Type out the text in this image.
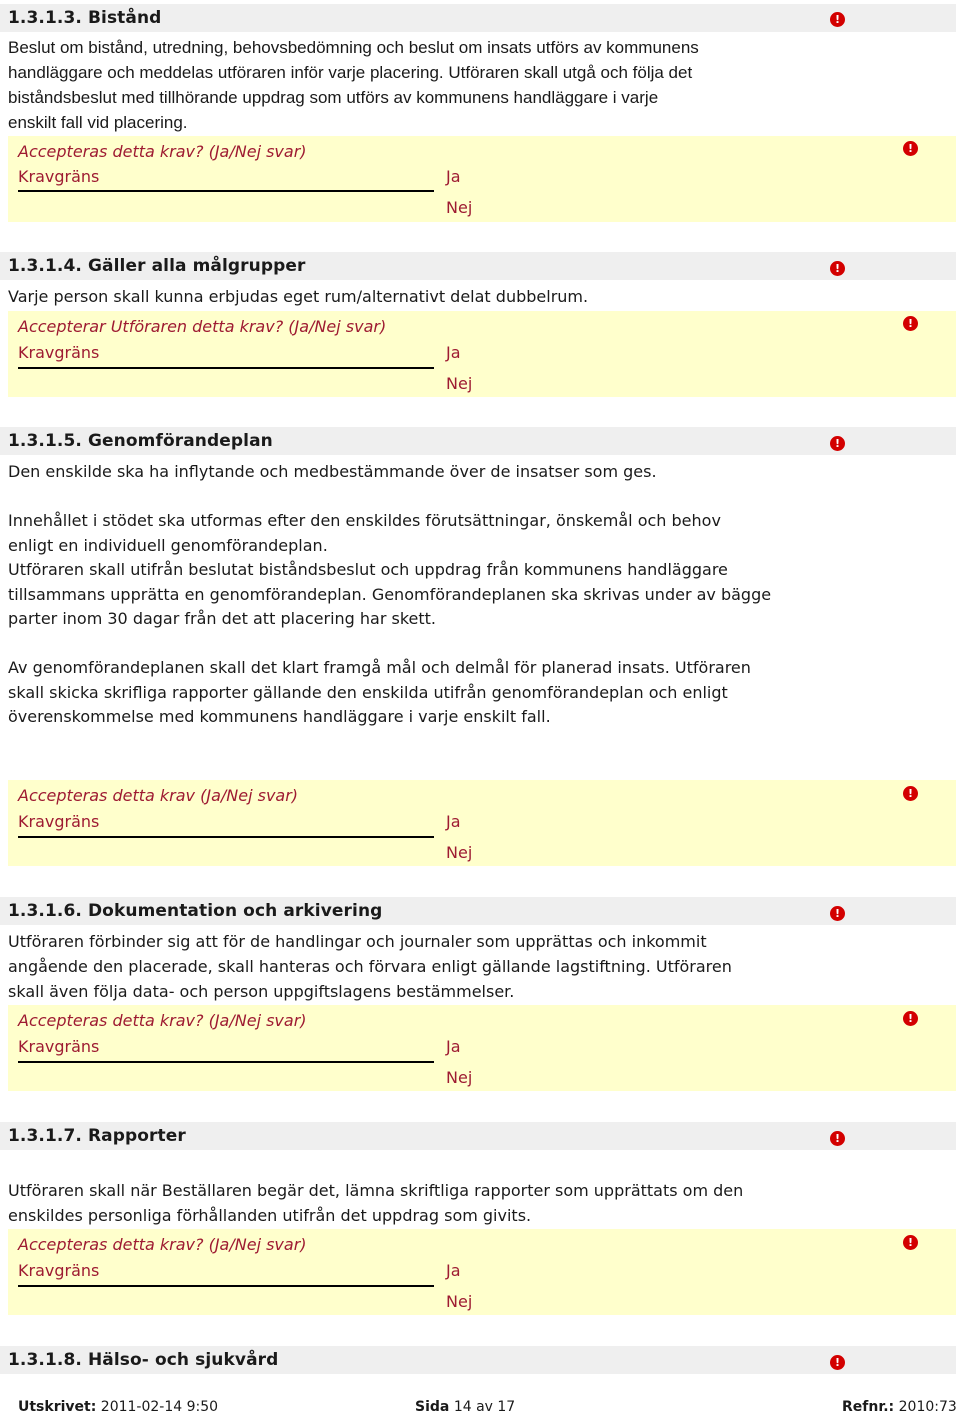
1.3.1.3. Bistånd	!
Beslut om bistånd, utredning, behovsbedömning och beslut om insats utförs av kommunens
handläggare och meddelas utföraren inför varje placering. Utföraren skall utgå och följa det
biståndsbeslut med tillhörande uppdrag som utförs av kommunens handläggare i varje
enskilt fall vid placering.
Accepteras detta krav? (Ja/Nej svar)
Kravgräns	Ja
Nej
!
1.3.1.4. Gäller alla målgrupper	!
Varje person skall kunna erbjudas eget rum/alternativt delat dubbelrum.
Accepterar Utföraren detta krav? (Ja/Nej svar)
Kravgräns	Ja
Nej
!
1.3.1.5. Genomförandeplan	!
Den enskilde ska ha inflytande och medbestämmande över de insatser som ges.
Innehållet i stödet ska utformas efter den enskildes förutsättningar, önskemål och behov
enligt en individuell genomförandeplan.
Utföraren skall utifrån beslutat biståndsbeslut och uppdrag från kommunens handläggare
tillsammans upprätta en genomförandeplan. Genomförandeplanen ska skrivas under av bägge
parter inom 30 dagar från det att placering har skett.
Av genomförandeplanen skall det klart framgå mål och delmål för planerad insats. Utföraren
skall skicka skrifliga rapporter gällande den enskilda utifrån genomförandeplan och enligt
överenskommelse med kommunens handläggare i varje enskilt fall.
Accepteras detta krav (Ja/Nej svar)
Kravgräns	Ja
Nej
!
1.3.1.6. Dokumentation och arkivering	!
Utföraren förbinder sig att för de handlingar och journaler som upprättas och inkommit
angående den placerade, skall hanteras och förvara enligt gällande lagstiftning. Utföraren
skall även följa data- och person uppgiftslagens bestämmelser.
Accepteras detta krav? (Ja/Nej svar)
Kravgräns	Ja
Nej
!
1.3.1.7. Rapporter	!
Utföraren skall när Beställaren begär det, lämna skriftliga rapporter som upprättats om den
enskildes personliga förhållanden utifrån det uppdrag som givits.
Accepteras detta krav? (Ja/Nej svar)
Kravgräns	Ja
Nej
!
1.3.1.8. Hälso- och sjukvård	!
Utskrivet: 2011-02-14 9:50	Sida 14 av 17	Refnr.: 2010:73
